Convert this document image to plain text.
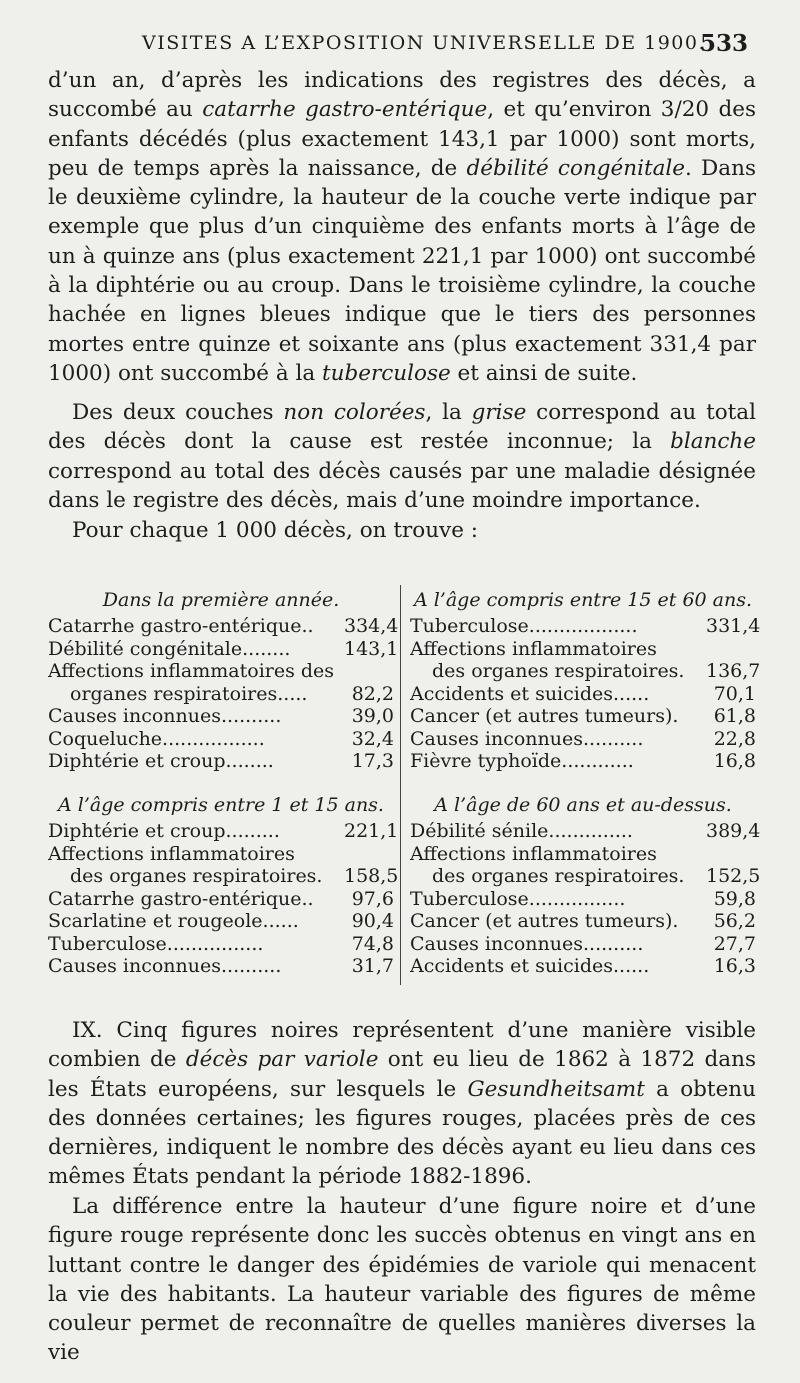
VISITES A L’EXPOSITION UNIVERSELLE DE 1900.
533

d’un an, d’après les indications des registres des décès, a succombé au catarrhe gastro-entérique, et qu’environ 3/20 des enfants décédés (plus exactement 143,1 par 1000) sont morts, peu de temps après la naissance, de débilité congénitale. Dans le deuxième cylindre, la hauteur de la couche verte indique par exemple que plus d’un cinquième des enfants morts à l’âge de un à quinze ans (plus exactement 221,1 par 1000) ont succombé à la diphtérie ou au croup. Dans le troisième cylindre, la couche hachée en lignes bleues indique que le tiers des personnes mortes entre quinze et soixante ans (plus exactement 331,4 par 1000) ont succombé à la tuberculose et ainsi de suite.

Des deux couches non colorées, la grise correspond au total des décès dont la cause est restée inconnue; la blanche correspond au total des décès causés par une maladie désignée dans le registre des décès, mais d’une moindre importance.

Pour chaque 1 000 décès, on trouve :
Dans la première année.
Catarrhe gastro-entérique..	334,4
Débilité congénitale........	143,1
Affections inflammatoires des
organes respiratoires.....	82,2
Causes inconnues..........	39,0
Coqueluche.................	32,4
Diphtérie et croup........	17,3
A l’âge compris entre 15 et 60 ans.
Tuberculose..................	331,4
Affections inflammatoires
des organes respiratoires.	136,7
Accidents et suicides......	70,1
Cancer (et autres tumeurs).	61,8
Causes inconnues..........	22,8
Fièvre typhoïde............	16,8
A l’âge compris entre 1 et 15 ans.
Diphtérie et croup.........	221,1
Affections inflammatoires
des organes respiratoires.	158,5
Catarrhe gastro-entérique..	97,6
Scarlatine et rougeole......	90,4
Tuberculose................	74,8
Causes inconnues..........	31,7
A l’âge de 60 ans et au-dessus.
Débilité sénile..............	389,4
Affections inflammatoires
des organes respiratoires.	152,5
Tuberculose................	59,8
Cancer (et autres tumeurs).	56,2
Causes inconnues..........	27,7
Accidents et suicides......	16,3

IX. Cinq figures noires représentent d’une manière visible combien de décès par variole ont eu lieu de 1862 à 1872 dans les États européens, sur lesquels le Gesundheitsamt a obtenu des données certaines; les figures rouges, placées près de ces dernières, indiquent le nombre des décès ayant eu lieu dans ces mêmes États pendant la période 1882-1896.

La différence entre la hauteur d’une figure noire et d’une figure rouge représente donc les succès obtenus en vingt ans en luttant contre le danger des épidémies de variole qui menacent la vie des habitants. La hauteur variable des figures de même couleur permet de reconnaître de quelles manières diverses la vie
